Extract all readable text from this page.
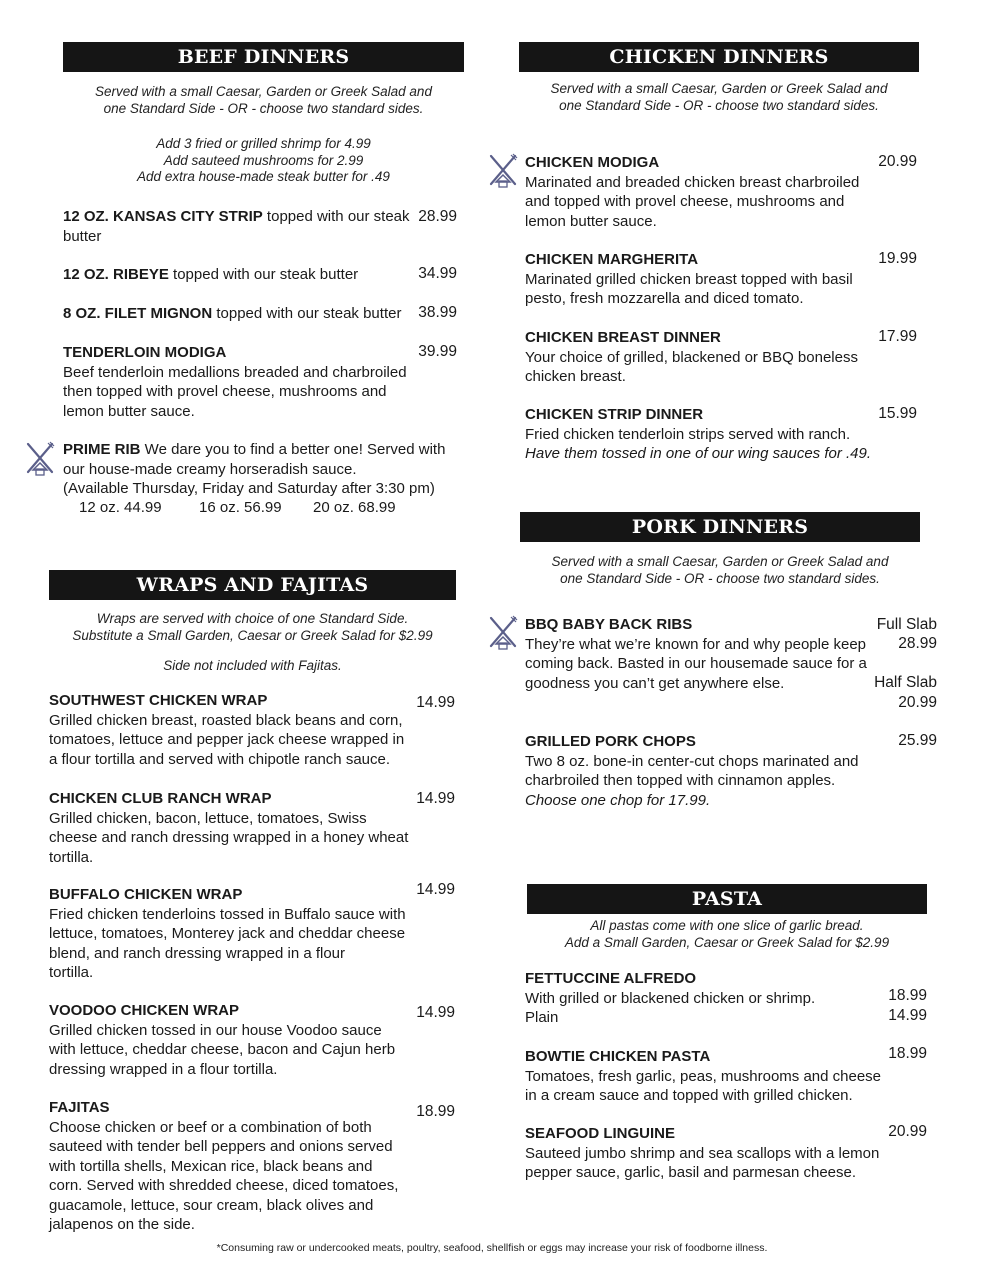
BEEF DINNERS
Served with a small Caesar, Garden or Greek Salad and
one Standard Side - OR - choose two standard sides.
Add 3 fried or grilled shrimp for 4.99
Add sauteed mushrooms for 2.99
Add extra house-made steak butter for .49
12 OZ. KANSAS CITY STRIP topped with our steak
butter
28.99
12 OZ. RIBEYE topped with our steak butter	34.99
8 OZ. FILET MIGNON topped with our steak butter	38.99
TENDERLOIN MODIGA
Beef tenderloin medallions breaded and charbroiled
then topped with provel cheese, mushrooms and
lemon butter sauce.
39.99
PRIME RIB We dare you to find a better one! Served with
our house-made creamy horseradish sauce.
(Available Thursday, Friday and Saturday after 3:30 pm)
12 oz. 44.99 16 oz. 56.99 20 oz. 68.99
WRAPS AND FAJITAS
Wraps are served with choice of one Standard Side.
Substitute a Small Garden, Caesar or Greek Salad for $2.99
Side not included with Fajitas.
SOUTHWEST CHICKEN WRAP
Grilled chicken breast, roasted black beans and corn,
tomatoes, lettuce and pepper jack cheese wrapped in
a flour tortilla and served with chipotle ranch sauce.
14.99
CHICKEN CLUB RANCH WRAP
Grilled chicken, bacon, lettuce, tomatoes, Swiss
cheese and ranch dressing wrapped in a honey wheat
tortilla.
14.99
BUFFALO CHICKEN WRAP
Fried chicken tenderloins tossed in Buffalo sauce with
lettuce, tomatoes, Monterey jack and cheddar cheese
blend, and ranch dressing wrapped in a flour
tortilla.
14.99
VOODOO CHICKEN WRAP
Grilled chicken tossed in our house Voodoo sauce
with lettuce, cheddar cheese, bacon and Cajun herb
dressing wrapped in a flour tortilla.
14.99
FAJITAS
Choose chicken or beef or a combination of both
sauteed with tender bell peppers and onions served
with tortilla shells, Mexican rice, black beans and
corn. Served with shredded cheese, diced tomatoes,
guacamole, lettuce, sour cream, black olives and
jalapenos on the side.
18.99
CHICKEN DINNERS
Served with a small Caesar, Garden or Greek Salad and
one Standard Side - OR - choose two standard sides.
CHICKEN MODIGA
Marinated and breaded chicken breast charbroiled
and topped with provel cheese, mushrooms and
lemon butter sauce.
20.99
CHICKEN MARGHERITA
Marinated grilled chicken breast topped with basil
pesto, fresh mozzarella and diced tomato.
19.99
CHICKEN BREAST DINNER
Your choice of grilled, blackened or BBQ boneless
chicken breast.
17.99
CHICKEN STRIP DINNER
Fried chicken tenderloin strips served with ranch.
Have them tossed in one of our wing sauces for .49.
15.99
PORK DINNERS
Served with a small Caesar, Garden or Greek Salad and
one Standard Side - OR - choose two standard sides.
BBQ BABY BACK RIBS
They’re what we’re known for and why people keep
coming back. Basted in our housemade sauce for a
goodness you can’t get anywhere else.
Full Slab
28.99
Half Slab
20.99
GRILLED PORK CHOPS
Two 8 oz. bone-in center-cut chops marinated and
charbroiled then topped with cinnamon apples.
Choose one chop for 17.99.
25.99
PASTA
All pastas come with one slice of garlic bread.
Add a Small Garden, Caesar or Greek Salad for $2.99
FETTUCCINE ALFREDO
With grilled or blackened chicken or shrimp.
Plain
18.99
14.99
BOWTIE CHICKEN PASTA
Tomatoes, fresh garlic, peas, mushrooms and cheese
in a cream sauce and topped with grilled chicken.
18.99
SEAFOOD LINGUINE
Sauteed jumbo shrimp and sea scallops with a lemon
pepper sauce, garlic, basil and parmesan cheese.
20.99
*Consuming raw or undercooked meats, poultry, seafood, shellfish or eggs may increase your risk of foodborne illness.
